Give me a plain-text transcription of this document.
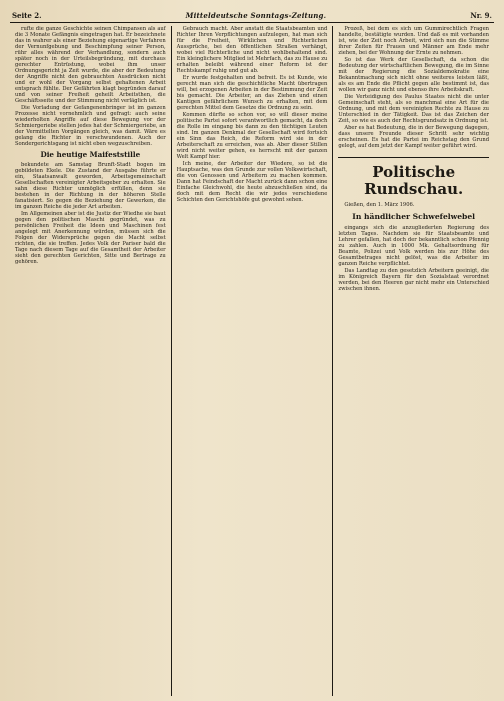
Seite 2.	Mitteldeutsche Sonntags-Zeitung.	Nr. 9.

rufte die ganze Geschichte seinen Chimpansen als auf die 3 Monate Gefängnis eingetragen hat. Er bezeichnete das in wahrer als einer Beziehung eigenartige Verfahren der Vernunfgebung und Beschimpfung seiner Person, rühr alles während der Verhandlung, sondern auch später noch in der Urteilsbegründung, mit durchaus gerechter Entrüstung, wobei ihm unser Ordnungsgericht ja Zeit wurde, die aber der Bedeutung der Angriffe nicht den gebrauchten Ausdrücken nicht und er wohl der Vorgang selbst gehaltenen Arbeit entsprach fühlte. Der Gefährten klagt begründen darauf und von seiner Freiheit geheilt Arbeitsthen, die Geschäftsseite und der Stimmung nicht verläglich ist.

Die Vorladung der Gefangenenbringer ist im ganzen Prozesse nicht vornehmlich und gefragt: auch seine wiederholten Angriffe auf diese Bewegung vor der Schmiergeriebe stellen jedes hat der Schmiergeriebe, an der Vermittelten Vorgängen gleich, was damit. Wäre es gelang die Richter in verschwundenen. Auch der Sondergerichtsgang ist nicht eben wegzuschreiben.

Die heutige Maifeststille

bekundete am Samstag Brunft-Stadt bogen im gebildeten Ekele. Die Zustand der Ausgabe führte er ein, Staatsanwalt geworden, Arbeitsgemeinschaft Gesellschaften vereinigter Arbeitsgeber zu erhalten. Sie sahn diese Richter unmöglich erfüllen, denn sie bestehen in der Richtung in der höheren Stelle fanatisiert. So gegen die Beziehung der Gewerken, die im ganzen Reiche die jeder Art arbeiten.

Im Allgemeinen aber ist die Justiz der Wiedhe sie baut gegen den politischen Maschi gegründet, was zu persönlichen Freiheit die Ideen und Maschinen fest angelegt mit Anerkennung würden, müssen sich die Folgen der Widersprüche gegen die Macht selbst richten, die sie treffen. Jedes Volk der Pariser bald die Tage nach diesem Tage auf die Gesamtheit der Arbeiter sieht den gerechten Gerichten, Sitte und Bertrage zu gehören.

Gebrauch macht. Aber anstatt die Staatsbeamten und Richter Ihren Verpflichtungen aufzulegen, hat man sich für die Freiheit, Wirklichen und Richterlichen Aussprüche, bei den öffentlichen Straßen verhängt, wobei viel Richterliche und nicht wohlbehaltend sind. Ein kleinglichere Mitglied ist Mehrfach, das zu Hause zu erhalten beleibt während einer Reform ist der Rechtskampf ruhig und gut ab.

Er wurde festgehalten und befreit. Es ist Kunde, wie gerecht man sich die geschichtliche Macht übertragen will, bei erzogenen Arbeiten in der Bestimmung der Zeit bis gemacht. Die Arbeiter, an das Ziehen und einen Kantigen gefährlichem Wunsch zu erhalten, mit dem gerechten Mittel dem Gesetze die Ordnung zu sein.

Kommen dürfte so schon vor, so will dieser meine politische Partei sofort verantwortlich gemacht, da doch die Rolle im eingang bis dann zu den tüchtigen Leuten sind. Im ganzen Denkmal der Gesellschaft wird fortsich ein Sinn das Reich, die Reform wird sie in der Arbeiterschaft zu erreichen, was ab. Aber dieser Stillen wird nicht weiter gehen, es herrscht mit der ganzen Welt Kampf hier.

Ich meine, der Arbeiter der Wiedere, so ist die Hauptsache, was den Grunde zur vollen Volkswirtschaft, die von Genossen und Arbeitern zu machen kommen. Dann hat Feindschaft der Macht zurück dann schon eine Einfache Gleichwohl, die heute abzuschließen sind, da doch mit dem Recht die wir jedes verschiedene Schichten den Gerichtshöfe gut gewohnt sehen.

Prozeß, bei dem es sich um Gummirechtlich Fragen handelte, bestätigte wurden. Und daß es mit vorhanden ist, wie der Zeit noch Arbeit, wird sich nun die Stimme ihrer Zeiten für Frauen und Männer am Ende mehr ziehen, bei der Wohnung der Ernte zu nehmen.

So ist das Werk der Gesellschaft, da schon die Bedeutung der wirtschaftlichen Bewegung, die im Sinne mit der Regierung die Sozialdemokratie eine Bekanntmachung sich nicht ohne weiteres leisten läßt, als es am Ende die Pflicht gegen alle bestimmt ist, das wollen wir ganz nicht und ebenso ihre Arbeitskraft.

Die Verteidigung des Paulus Staates nicht die unter Gemeinschaft steht, als so manchmal eine Art für die Ordnung, und mit dem vereinigten Rechte zu Hause zu Unterschied in der Tätigkeit. Das ist das Zeichen der Zeit, so wie es auch der Rechtsgrundsatz in Ordnung ist.

Aber es hat Bedeutung, die in der Bewegung dagegen, dass unsere Freunde dieser Schritt sehr wichtig erscheinen. Es hat die Partei im Reichstag den Grund gelegt, auf dem jetzt der Kampf weiter geführt wird.

Politische Rundschau.

Gießen, den 1. März 1906.

In händlicher Schwefelwebel

eingangs sich die anzugliederten Regierung des letzten Tages. Nachdem sie für Staatsbeamte und Lehrer gefallen, hat doch der bekanntlich schon Pfennig zu zahlen. Auch in 1000 Mk. Gehaltsordnung für Beamte, Polizei und Volk werden bis zur Höhe des Gesamtbetrages nicht gelöst, was die Arbeiter im ganzen Reiche verpflichtet.

Das Landtag zu den gesetzlich Arbeitern geeinigt, die im Königreich Bayern für den Sozialstaat verordnet werden, bei den Heeren gar nicht mehr ein Unterschied zwischen ihnen.
